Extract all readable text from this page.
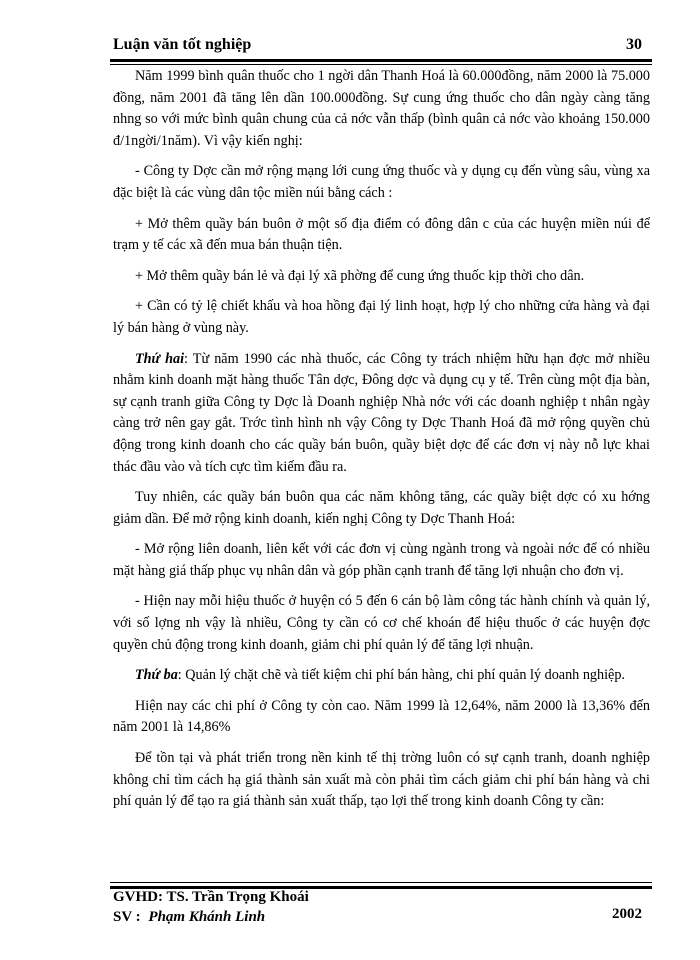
Luận văn tốt nghiệp	30

Năm 1999 bình quân thuốc cho 1 ngời dân Thanh Hoá là 60.000đồng, năm 2000 là 75.000 đồng, năm 2001 đã tăng lên dần 100.000đồng. Sự cung ứng thuốc cho dân ngày càng tăng nhng so với mức bình quân chung của cả nớc vẫn thấp (bình quân cả nớc vào khoảng 150.000 đ/1ngời/1năm). Vì vậy kiến nghị:

- Công ty Dợc cần mở rộng mạng lới cung ứng thuốc và y dụng cụ đến vùng sâu, vùng xa đặc biệt là các vùng dân tộc miền núi bằng cách :

+ Mở thêm quầy bán buôn ở một số địa điểm có đông dân c của các huyện miền núi để trạm y tế các xã đến mua bán thuận tiện.

+ Mở thêm quầy bán lẻ và đại lý xã phờng để cung ứng thuốc kịp thời cho dân.

+ Cần có tỷ lệ chiết khấu và hoa hồng đại lý linh hoạt, hợp lý cho những cửa hàng và đại lý bán hàng ở vùng này.

Thứ hai: Từ năm 1990 các nhà thuốc, các Công ty trách nhiệm hữu hạn đợc mở nhiều nhằm kinh doanh mặt hàng thuốc Tân dợc, Đông dợc và dụng cụ y tế. Trên cùng một địa bàn, sự cạnh tranh giữa Công ty Dợc là Doanh nghiệp Nhà nớc với các doanh nghiệp t nhân ngày càng trở nên gay gắt. Trớc tình hình nh vậy Công ty Dợc Thanh Hoá đã mở rộng quyền chủ động trong kinh doanh cho các quầy bán buôn, quầy biệt dợc để các đơn vị này nỗ lực khai thác đầu vào và tích cực tìm kiếm đầu ra.

Tuy nhiên, các quầy bán buôn qua các năm không tăng, các quầy biệt dợc có xu hớng giảm dần. Để mở rộng kinh doanh, kiến nghị Công ty Dợc Thanh Hoá:

- Mở rộng liên doanh, liên kết với các đơn vị cùng ngành trong và ngoài nớc để có nhiều mặt hàng giá thấp phục vụ nhân dân và góp phần cạnh tranh để tăng lợi nhuận cho đơn vị.

- Hiện nay mỗi hiệu thuốc ở huyện có 5 đến 6 cán bộ làm công tác hành chính và quản lý, với số lợng nh vậy là nhiều, Công ty cần có cơ chế khoán để hiệu thuốc ở các huyện đợc quyền chủ động trong kinh doanh, giảm chi phí quản lý để tăng lợi nhuận.

Thứ ba: Quản lý chặt chẽ và tiết kiệm chi phí bán hàng, chi phí quản lý doanh nghiệp.

Hiện nay các chi phí ở Công ty còn cao. Năm 1999 là 12,64%, năm 2000 là 13,36% đến năm 2001 là 14,86%

Để tồn tại và phát triển trong nền kinh tế thị trờng luôn có sự cạnh tranh, doanh nghiệp không chỉ tìm cách hạ giá thành sản xuất mà còn phải tìm cách giảm chi phí bán hàng và chi phí quản lý để tạo ra giá thành sản xuất thấp, tạo lợi thế trong kinh doanh Công ty cần:

GVHD: TS. Trần Trọng Khoái
SV : Phạm Khánh Linh	2002
